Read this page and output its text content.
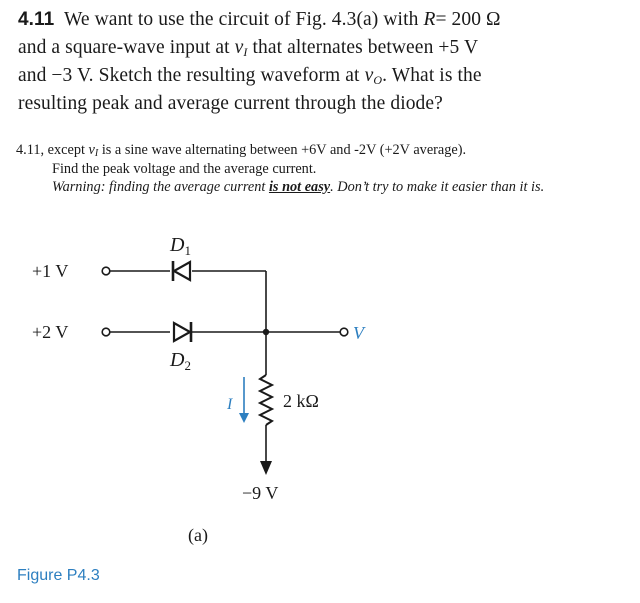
4.11 We want to use the circuit of Fig. 4.3(a) with R= 200 Ω
and a square-wave input at $v_I$ that alternates between +5 V
and −3 V. Sketch the resulting waveform at $v_O$. What is the
resulting peak and average current through the diode?
4.11, except $v_I$ is a sine wave alternating between +6V and -2V (+2V average).
Find the peak voltage and the average current.
Warning: finding the average current is not easy. Don’t try to make it easier than it is.
$D_1$
$D_2$
+1 V
+2 V	V
I	2 kΩ
−9 V
(a)
Figure P4.3
